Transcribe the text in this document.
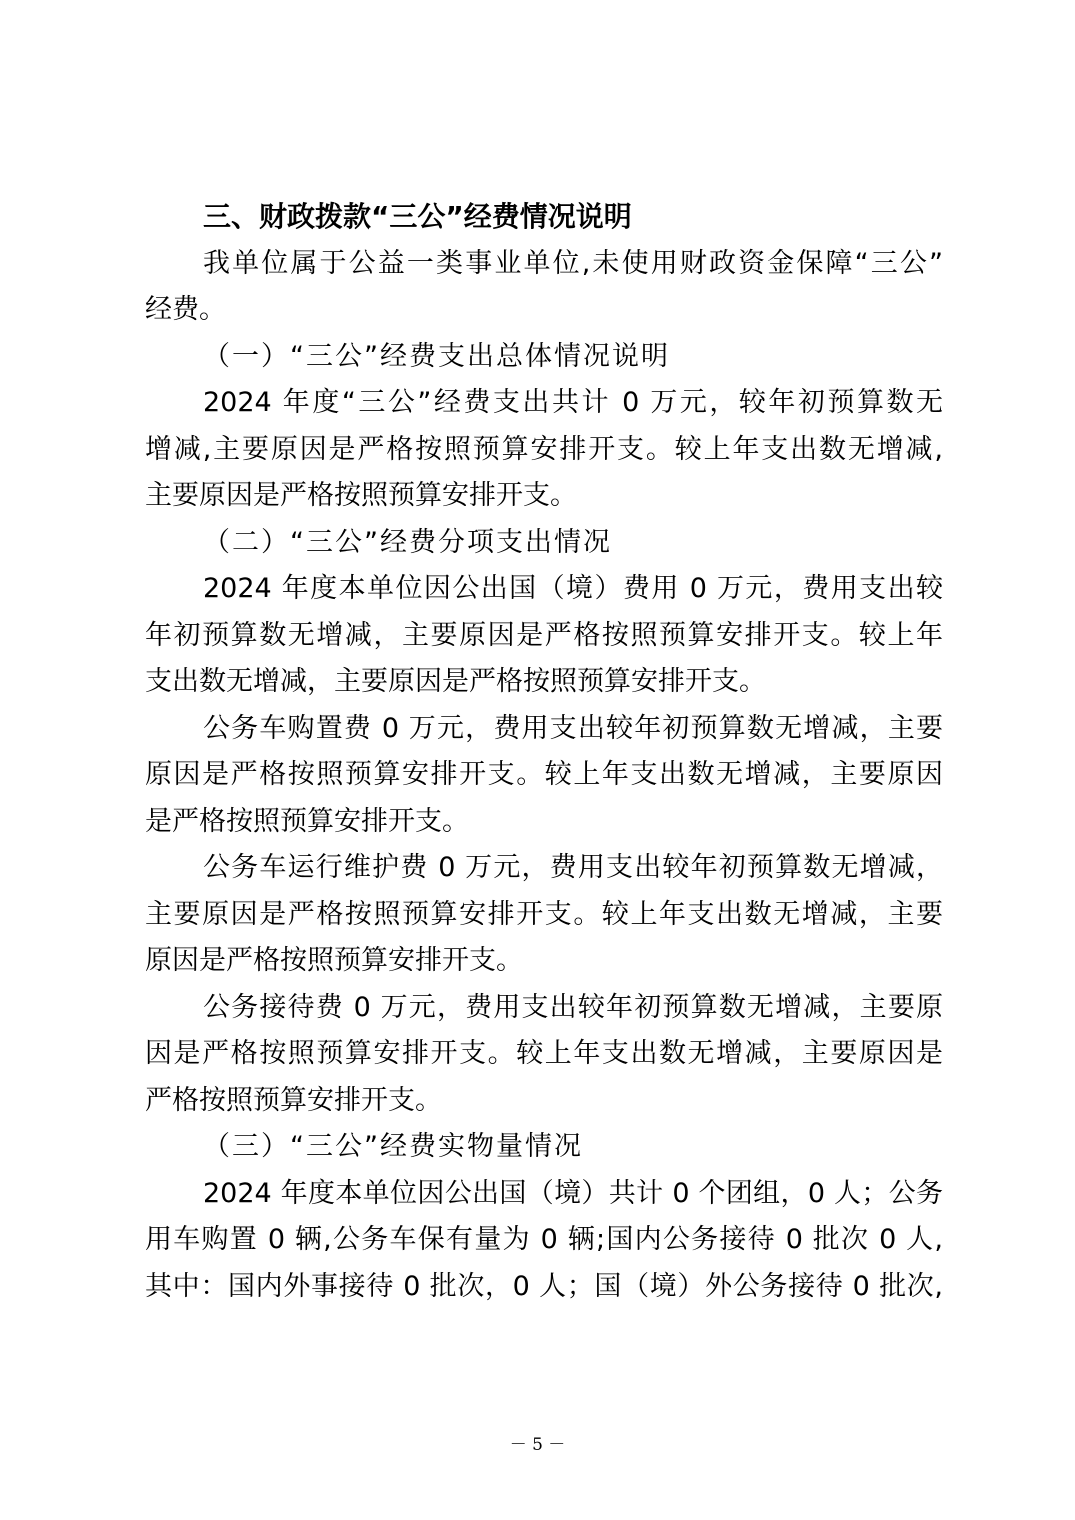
三、财政拨款“三公”经费情况说明
我单位属于公益一类事业单位,未使用财政资金保障“三公”
经费。
（一）“三公”经费支出总体情况说明
2024 年度“三公”经费支出共计 0 万元，较年初预算数无
增减,主要原因是严格按照预算安排开支。较上年支出数无增减,
主要原因是严格按照预算安排开支。
（二）“三公”经费分项支出情况
2024 年度本单位因公出国（境）费用 0 万元，费用支出较
年初预算数无增减，主要原因是严格按照预算安排开支。较上年
支出数无增减，主要原因是严格按照预算安排开支。
公务车购置费 0 万元，费用支出较年初预算数无增减，主要
原因是严格按照预算安排开支。较上年支出数无增减，主要原因
是严格按照预算安排开支。
公务车运行维护费 0 万元，费用支出较年初预算数无增减，
主要原因是严格按照预算安排开支。较上年支出数无增减，主要
原因是严格按照预算安排开支。
公务接待费 0 万元，费用支出较年初预算数无增减，主要原
因是严格按照预算安排开支。较上年支出数无增减，主要原因是
严格按照预算安排开支。
（三）“三公”经费实物量情况
2024 年度本单位因公出国（境）共计 0 个团组，0 人；公务
用车购置 0 辆,公务车保有量为 0 辆;国内公务接待 0 批次 0 人,
其中：国内外事接待 0 批次，0 人；国（境）外公务接待 0 批次,
－ 5 －
